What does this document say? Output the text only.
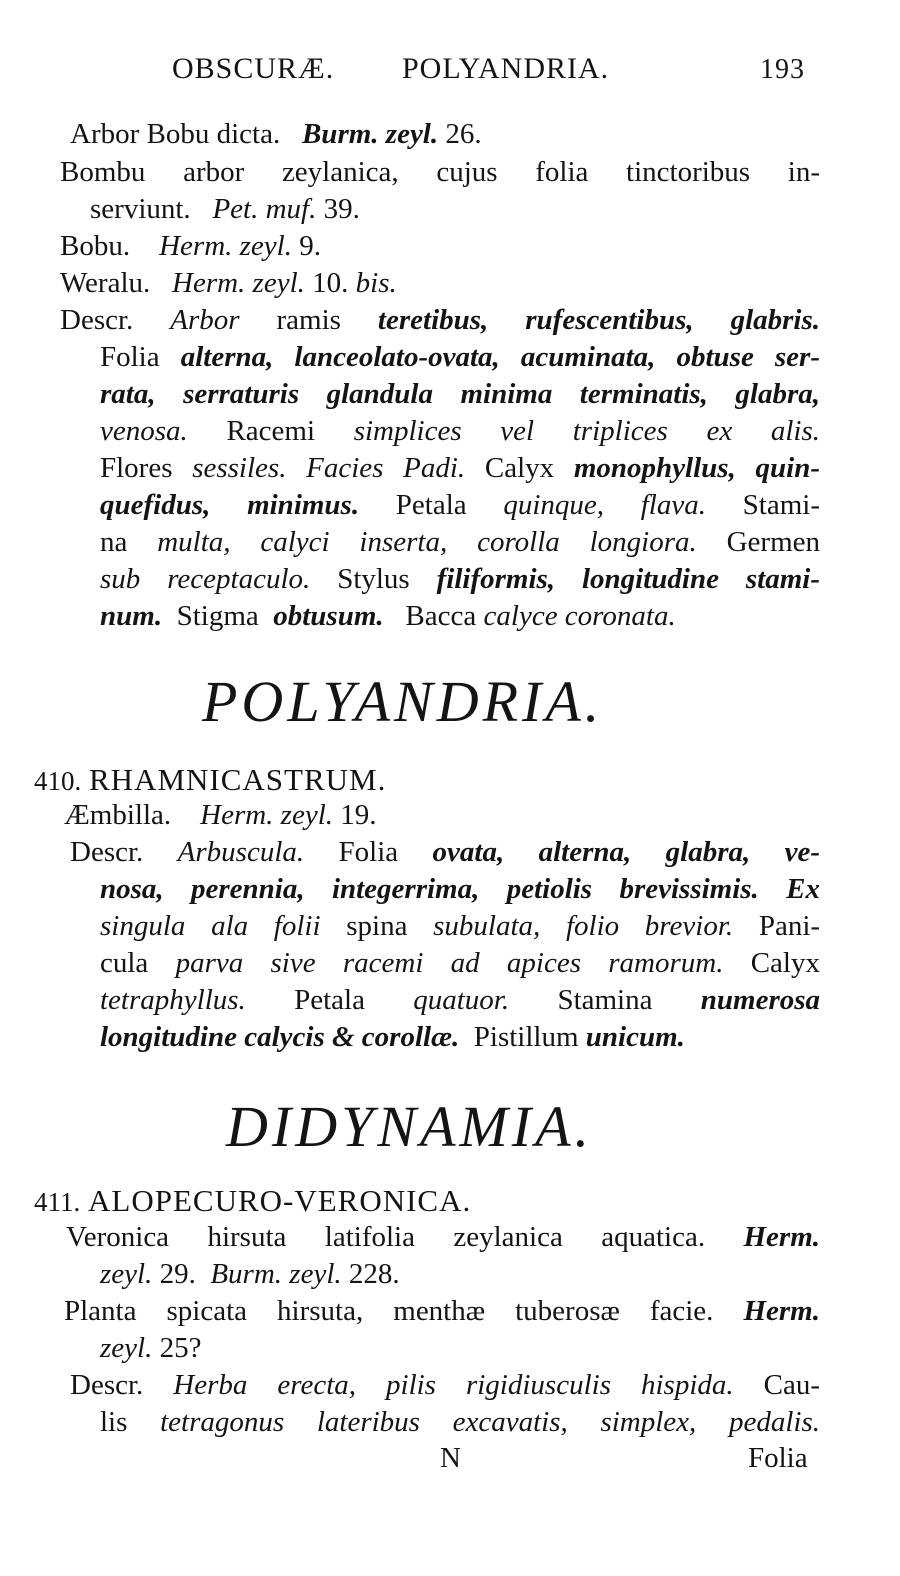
OBSCURÆ. POLYANDRIA.	193
Arbor Bobu dicta. Burm. zeyl. 26.
Bombu arbor zeylanica, cujus folia tinctoribus in-
serviunt. Pet. muf. 39.
Bobu. Herm. zeyl. 9.
Weralu. Herm. zeyl. 10. bis.
Descr. Arbor ramis teretibus, rufescentibus, glabris.
Folia alterna, lanceolato-ovata, acuminata, obtuse ser-
rata, serraturis glandula minima terminatis, glabra,
venosa. Racemi simplices vel triplices ex alis.
Flores sessiles. Facies Padi. Calyx monophyllus, quin-
quefidus, minimus. Petala quinque, flava. Stami-
na multa, calyci inserta, corolla longiora. Germen
sub receptaculo. Stylus filiformis, longitudine stami-
num. Stigma obtusum. Bacca calyce coronata.
POLYANDRIA.
410. RHAMNICASTRUM.
Æmbilla. Herm. zeyl. 19.
Descr. Arbuscula. Folia ovata, alterna, glabra, ve-
nosa, perennia, integerrima, petiolis brevissimis. Ex
singula ala folii spina subulata, folio brevior. Pani-
cula parva sive racemi ad apices ramorum. Calyx
tetraphyllus. Petala quatuor. Stamina numerosa
longitudine calycis & corollæ. Pistillum unicum.
DIDYNAMIA.
411. ALOPECURO-VERONICA.
Veronica hirsuta latifolia zeylanica aquatica. Herm.
zeyl. 29. Burm. zeyl. 228.
Planta spicata hirsuta, menthæ tuberosæ facie. Herm.
zeyl. 25?
Descr. Herba erecta, pilis rigidiusculis hispida. Cau-
lis tetragonus lateribus excavatis, simplex, pedalis.
N	Folia
